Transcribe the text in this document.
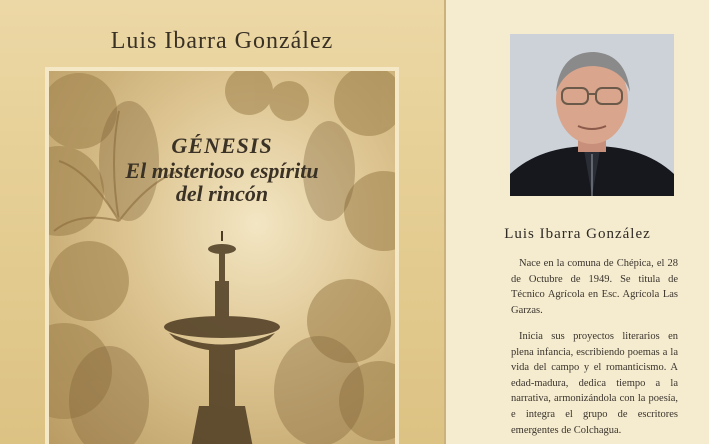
Luis Ibarra González
GÉNESIS
El misterioso espíritu
del rincón
Luis Ibarra González

Nace en la comuna de Chépica, el 28 de Octubre de 1949. Se titula de Técnico Agrícola en Esc. Agrícola Las Garzas.

Inicia sus proyectos literarios en plena infancia, escribiendo poemas a la vida del campo y el romanticismo. A edad-madura, dedica tiempo a la narrativa, armonizándola con la poesía, e integra el grupo de escritores emergentes de Colchagua.
